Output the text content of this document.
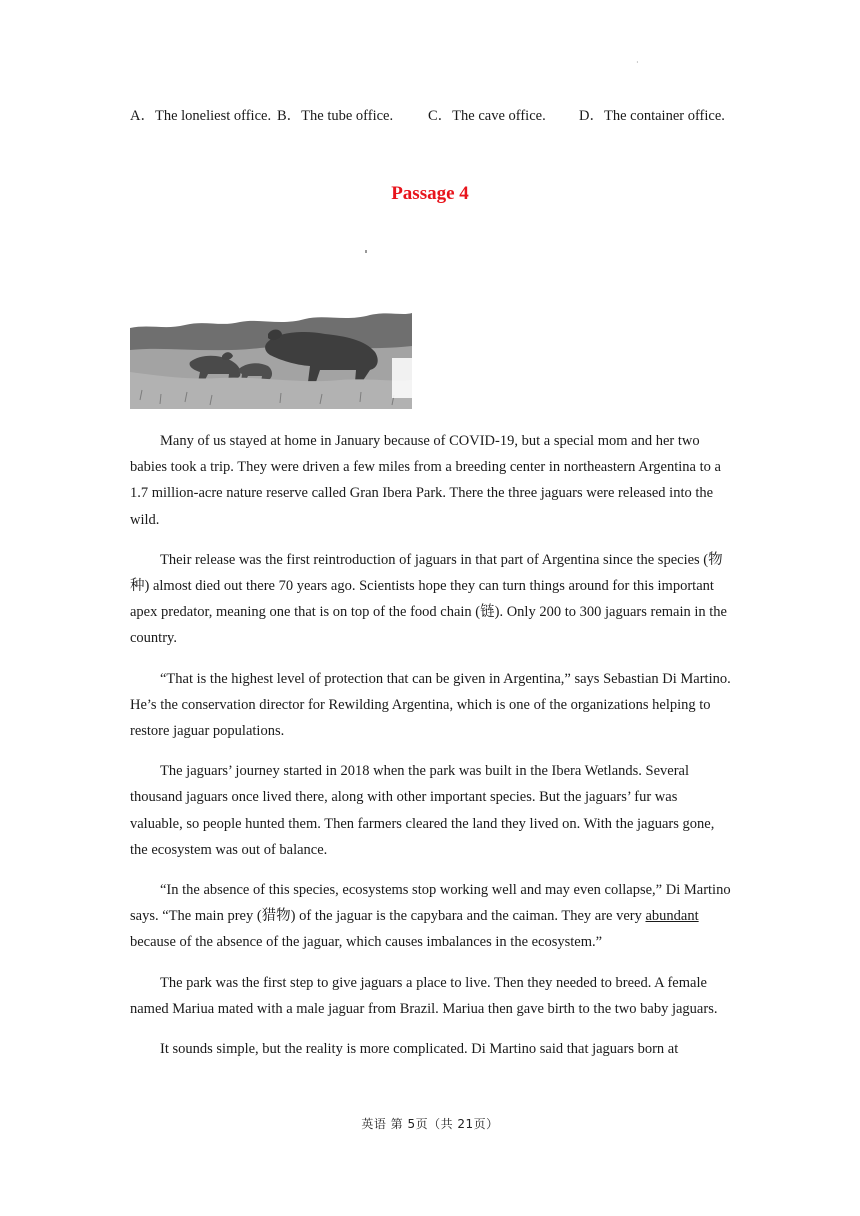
·
A．The loneliest office. B．The tube office. C．The cave office. D．The container office.
Passage 4

Many of us stayed at home in January because of COVID-19, but a special mom and her two babies took a trip. They were driven a few miles from a breeding center in northeastern Argentina to a 1.7 million-acre nature reserve called Gran Ibera Park. There the three jaguars were released into the wild.

Their release was the first reintroduction of jaguars in that part of Argentina since the species (物种) almost died out there 70 years ago. Scientists hope they can turn things around for this important apex predator, meaning one that is on top of the food chain (链). Only 200 to 300 jaguars remain in the country.

“That is the highest level of protection that can be given in Argentina,” says Sebastian Di Martino. He’s the conservation director for Rewilding Argentina, which is one of the organizations helping to restore jaguar populations.

The jaguars’ journey started in 2018 when the park was built in the Ibera Wetlands. Several thousand jaguars once lived there, along with other important species. But the jaguars’ fur was valuable, so people hunted them. Then farmers cleared the land they lived on. With the jaguars gone, the ecosystem was out of balance.

“In the absence of this species, ecosystems stop working well and may even collapse,” Di Martino says. “The main prey (猎物) of the jaguar is the capybara and the caiman. They are very abundant because of the absence of the jaguar, which causes imbalances in the ecosystem.”

The park was the first step to give jaguars a place to live. Then they needed to breed. A female named Mariua mated with a male jaguar from Brazil. Mariua then gave birth to the two baby jaguars.

It sounds simple, but the reality is more complicated. Di Martino said that jaguars born at

英语 第 5页（共 21页）
